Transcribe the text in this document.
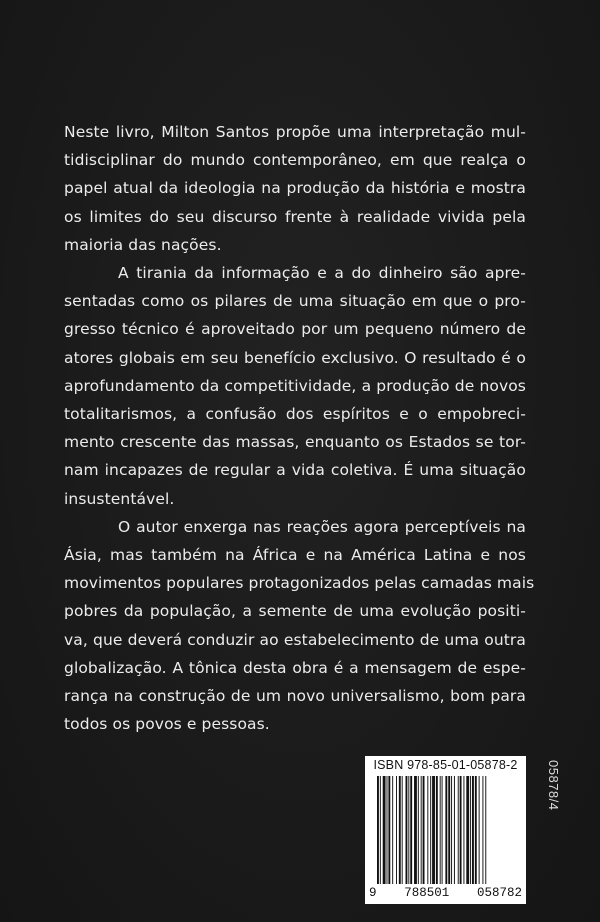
Neste livro, Milton Santos propõe uma interpretação mul-
tidisciplinar do mundo contemporâneo, em que realça o
papel atual da ideologia na produção da história e mostra
os limites do seu discurso frente à realidade vivida pela
maioria das nações.
A tirania da informação e a do dinheiro são apre-
sentadas como os pilares de uma situação em que o pro-
gresso técnico é aproveitado por um pequeno número de
atores globais em seu benefício exclusivo. O resultado é o
aprofundamento da competitividade, a produção de novos
totalitarismos, a confusão dos espíritos e o empobreci-
mento crescente das massas, enquanto os Estados se tor-
nam incapazes de regular a vida coletiva. É uma situação
insustentável.
O autor enxerga nas reações agora perceptíveis na
Ásia, mas também na África e na América Latina e nos
movimentos populares protagonizados pelas camadas mais
pobres da população, a semente de uma evolução positi-
va, que deverá conduzir ao estabelecimento de uma outra
globalização. A tônica desta obra é a mensagem de espe-
rança na construção de um novo universalismo, bom para
todos os povos e pessoas.
ISBN 978-85-01-05878-2
9 788501 058782
05878/4
